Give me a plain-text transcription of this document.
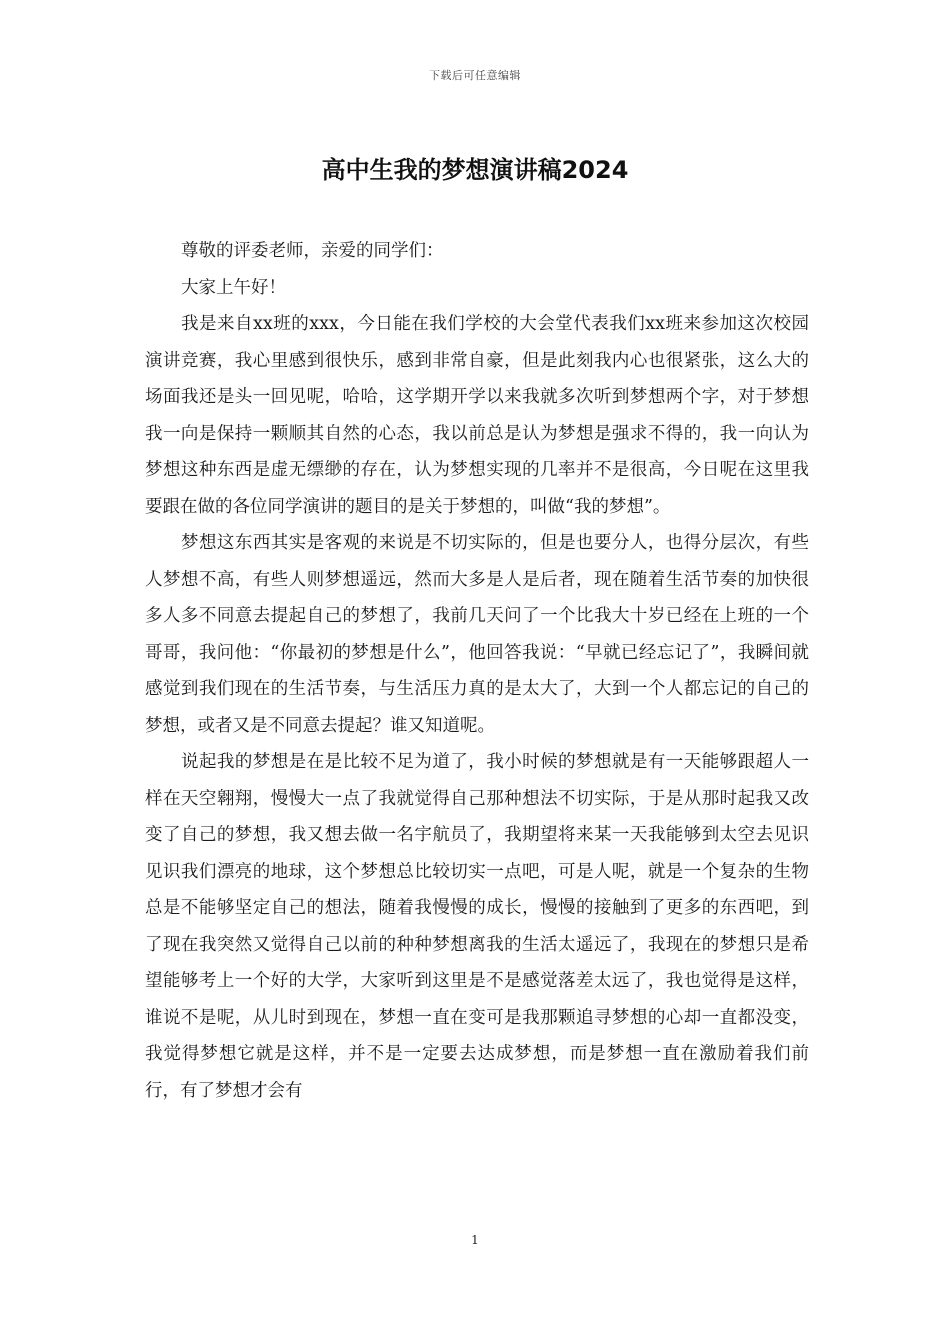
下载后可任意编辑
高中生我的梦想演讲稿2024

尊敬的评委老师，亲爱的同学们：

大家上午好！

我是来自xx班的xxx，今日能在我们学校的大会堂代表我们xx班来参加这次校园演讲竞赛，我心里感到很快乐，感到非常自豪，但是此刻我内心也很紧张，这么大的场面我还是头一回见呢，哈哈，这学期开学以来我就多次听到梦想两个字，对于梦想我一向是保持一颗顺其自然的心态，我以前总是认为梦想是强求不得的，我一向认为梦想这种东西是虚无缥缈的存在，认为梦想实现的几率并不是很高，今日呢在这里我要跟在做的各位同学演讲的题目的是关于梦想的，叫做“我的梦想”。

梦想这东西其实是客观的来说是不切实际的，但是也要分人，也得分层次，有些人梦想不高，有些人则梦想遥远，然而大多是人是后者，现在随着生活节奏的加快很多人多不同意去提起自己的梦想了，我前几天问了一个比我大十岁已经在上班的一个哥哥，我问他：“你最初的梦想是什么”，他回答我说：“早就已经忘记了”，我瞬间就感觉到我们现在的生活节奏，与生活压力真的是太大了，大到一个人都忘记的自己的梦想，或者又是不同意去提起？谁又知道呢。

说起我的梦想是在是比较不足为道了，我小时候的梦想就是有一天能够跟超人一样在天空翱翔，慢慢大一点了我就觉得自己那种想法不切实际，于是从那时起我又改变了自己的梦想，我又想去做一名宇航员了，我期望将来某一天我能够到太空去见识见识我们漂亮的地球，这个梦想总比较切实一点吧，可是人呢，就是一个复杂的生物总是不能够坚定自己的想法，随着我慢慢的成长，慢慢的接触到了更多的东西吧，到了现在我突然又觉得自己以前的种种梦想离我的生活太遥远了，我现在的梦想只是希望能够考上一个好的大学，大家听到这里是不是感觉落差太远了，我也觉得是这样，谁说不是呢，从儿时到现在，梦想一直在变可是我那颗追寻梦想的心却一直都没变，我觉得梦想它就是这样，并不是一定要去达成梦想，而是梦想一直在激励着我们前行，有了梦想才会有

1
